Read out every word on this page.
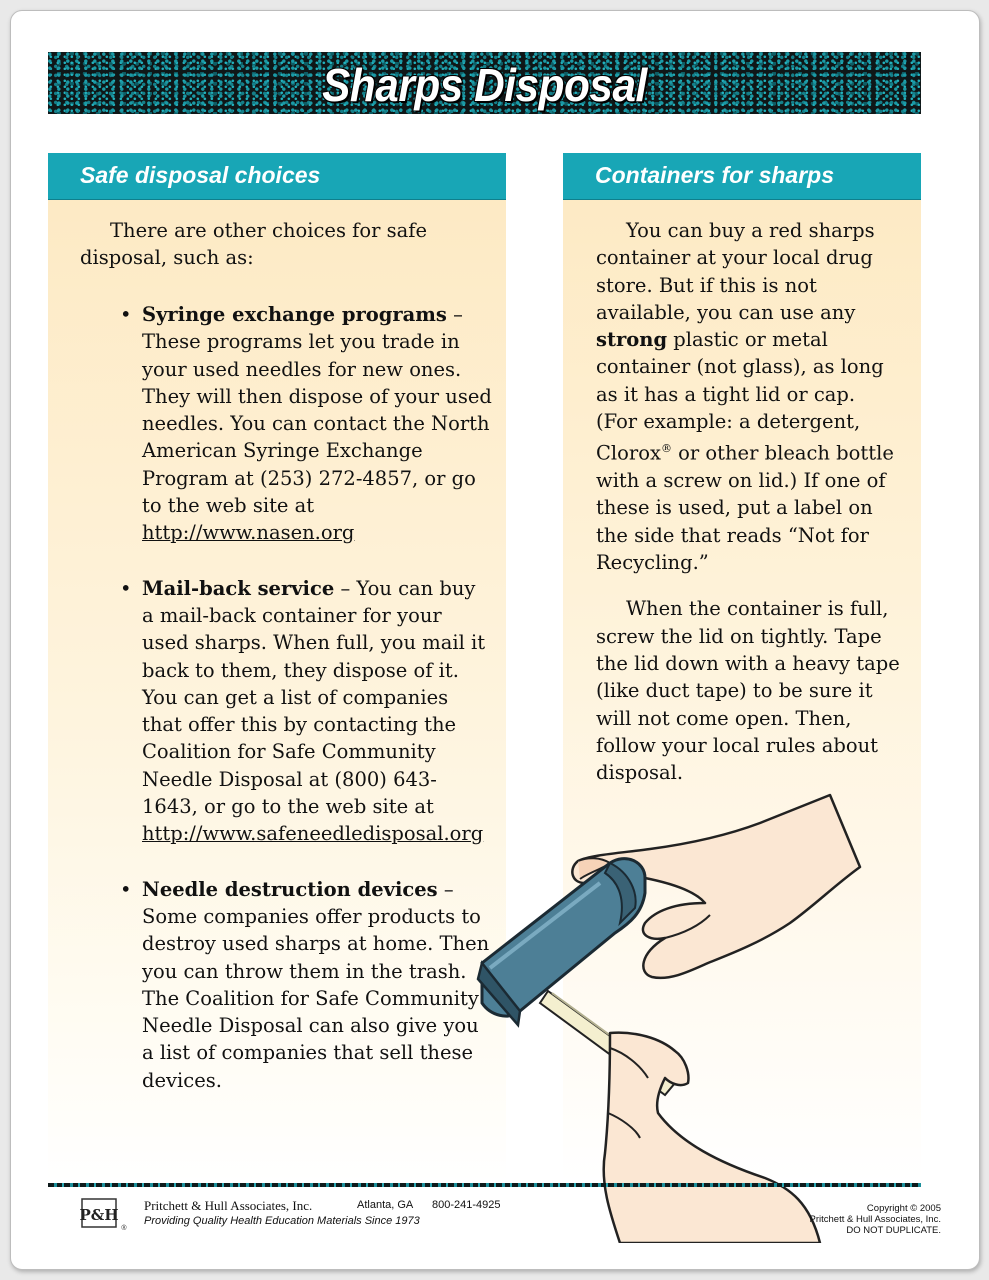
Sharps Disposal
Safe disposal choices	Containers for sharps
There are other choices for safe disposal, such as:
• Syringe exchange programs – These programs let you trade in your used needles for new ones. They will then dispose of your used needles. You can contact the North American Syringe Exchange Program at (253) 272-4857, or go to the web site at http://www.nasen.org
• Mail-back service – You can buy a mail-back container for your used sharps. When full, you mail it back to them, they dispose of it. You can get a list of companies that offer this by contacting the Coalition for Safe Community Needle Disposal at (800) 643-1643, or go to the web site at http://www.safeneedledisposal.org
• Needle destruction devices – Some companies offer products to destroy used sharps at home. Then you can throw them in the trash. The Coalition for Safe Community Needle Disposal can also give you a list of companies that sell these devices.

You can buy a red sharps container at your local drug store. But if this is not available, you can use any strong plastic or metal container (not glass), as long as it has a tight lid or cap. (For example: a detergent, Clorox® or other bleach bottle with a screw on lid.) If one of these is used, put a label on the side that reads “Not for Recycling.”

When the container is full, screw the lid on tightly. Tape the lid down with a heavy tape (like duct tape) to be sure it will not come open. Then, follow your local rules about disposal.

P&H
®
Pritchett & Hull Associates, Inc.	Atlanta, GA 800-241-4925
Providing Quality Health Education Materials Since 1973
Copyright © 2005
Pritchett & Hull Associates, Inc.
DO NOT DUPLICATE.
